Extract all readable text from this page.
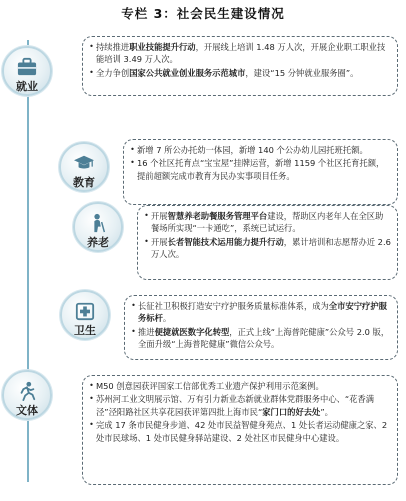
专栏 3：社会民生建设情况
• 持续推进职业技能提升行动，开展线上培训 1.48 万人次，开展企业职工职业技能培训 3.49 万人次。
• 全力争创国家公共就业创业服务示范城市，建设“15 分钟就业服务圈”。
就业
• 新增 7 所公办托幼一体园，新增 140 个公办幼儿园托班托额。
• 16 个社区托育点“宝宝屋”挂牌运营，新增 1159 个社区托育托额，提前超额完成市教育为民办实事项目任务。
教育
• 开展智慧养老助餐服务管理平台建设，帮助区内老年人在全区助餐场所实现“一卡通吃”，系统已试运行。
• 开展长者智能技术运用能力提升行动，累计培训和志愿帮办近 2.6 万人次。
养老
• 长征社卫积极打造安宁疗护服务质量标准体系，成为全市安宁疗护服务标杆。
• 推进便捷就医数字化转型，正式上线“上海普陀健康”公众号 2.0 版，全面升级“上海普陀健康”微信公众号。
卫生
• M50 创意园获评国家工信部优秀工业遗产保护利用示范案例。
• 苏州河工业文明展示馆、万有引力新业态新就业群体党群服务中心、“花香满泾”泾阳路社区共享花园获评第四批上海市民“家门口的好去处”。
• 完成 17 条市民健身步道、42 处市民益智健身苑点、1 处长者运动健康之家、2 处市民球场、1 处市民健身驿站建设、2 处社区市民健身中心建设。
文体
